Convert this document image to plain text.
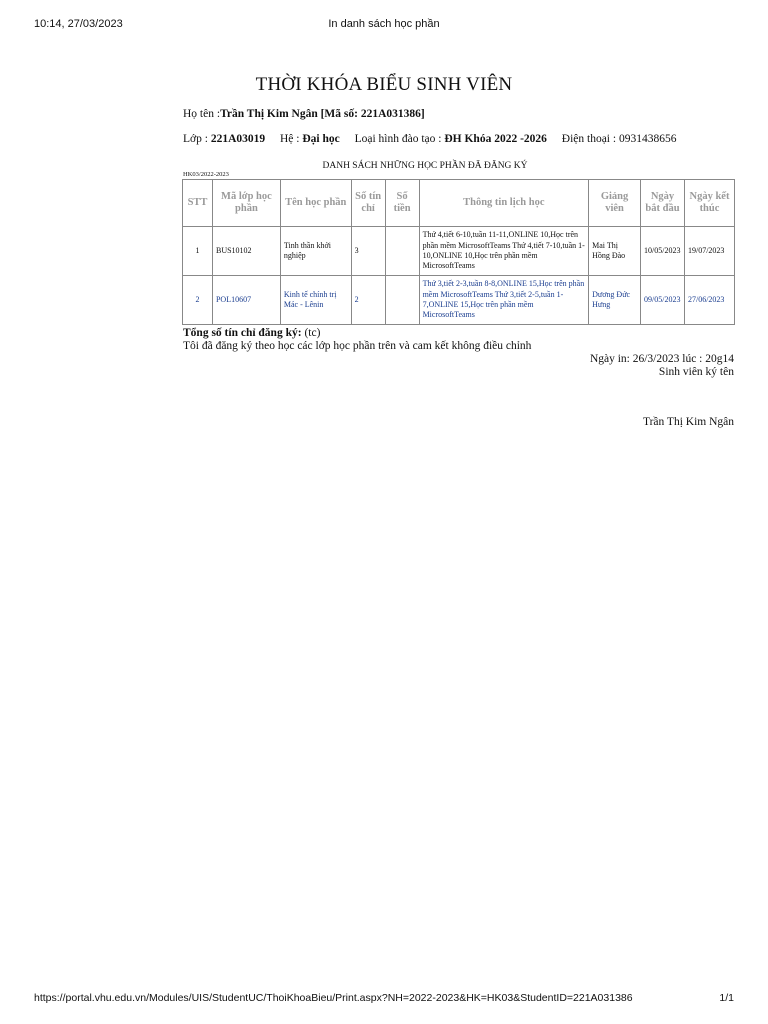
10:14, 27/03/2023	In danh sách học phần
THỜI KHÓA BIỂU SINH VIÊN
Họ tên :Trần Thị Kim Ngân [Mã số: 221A031386]
Lớp : 221A03019 Hệ : Đại học Loại hình đào tạo : ĐH Khóa 2022 -2026 Điện thoại : 0931438656
DANH SÁCH NHỮNG HỌC PHẦN ĐÃ ĐĂNG KÝ
HK03/2022-2023
STT	Mã lớp học phần	Tên học phần	Số tín chỉ	Số tiền	Thông tin lịch học	Giảng viên	Ngày bắt đầu	Ngày kết thúc
1	BUS10102	Tinh thần khởi nghiệp	3		Thứ 4,tiết 6-10,tuần 11-11,ONLINE 10,Học trên phần mềm MicrosoftTeams Thứ 4,tiết 7-10,tuần 1-10,ONLINE 10,Học trên phần mềm MicrosoftTeams	Mai Thị Hồng Đào	10/05/2023	19/07/2023
2	POL10607	Kinh tế chính trị Mác - Lênin	2		Thứ 3,tiết 2-3,tuần 8-8,ONLINE 15,Học trên phần mềm MicrosoftTeams Thứ 3,tiết 2-5,tuần 1-7,ONLINE 15,Học trên phần mềm MicrosoftTeams	Dương Đức Hưng	09/05/2023	27/06/2023
Tổng số tín chỉ đăng ký: (tc)
Tôi đã đăng ký theo học các lớp học phần trên và cam kết không điều chỉnh
Ngày in: 26/3/2023 lúc : 20g14
Sinh viên ký tên
Trần Thị Kim Ngân
https://portal.vhu.edu.vn/Modules/UIS/StudentUC/ThoiKhoaBieu/Print.aspx?NH=2022-2023&HK=HK03&StudentID=221A031386	1/1
